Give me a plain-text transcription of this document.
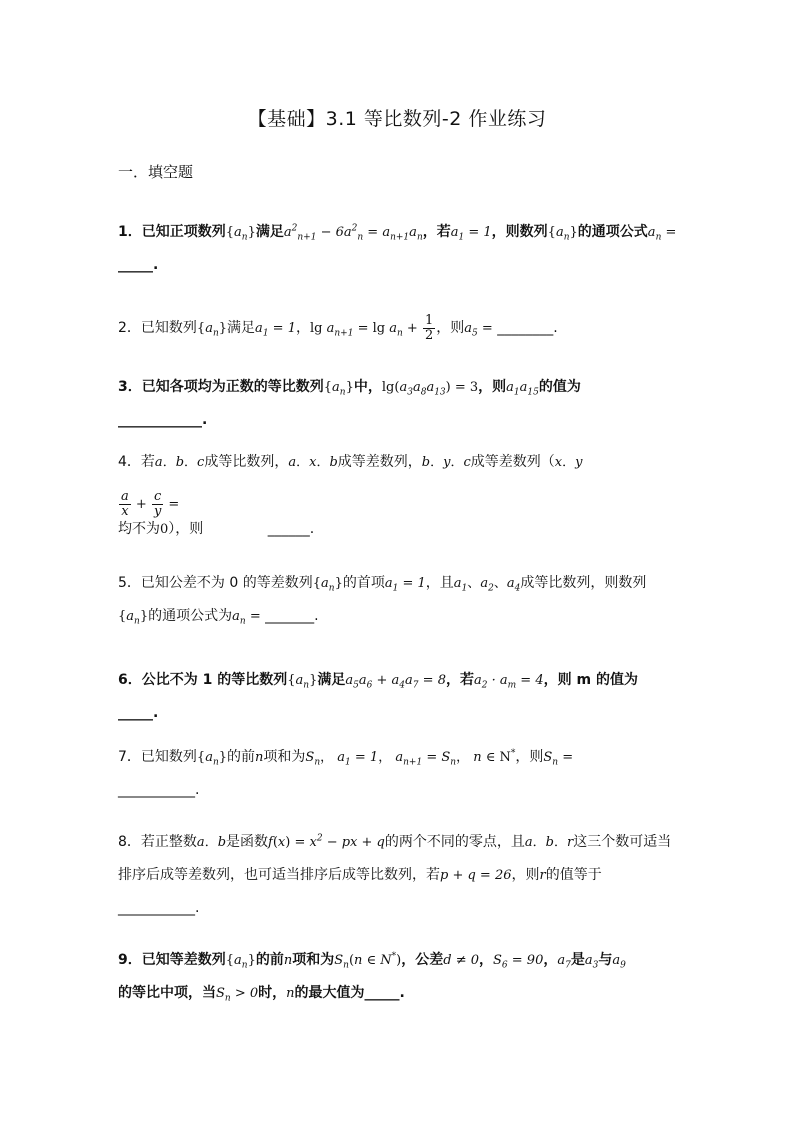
【基础】3.1 等比数列-2 作业练习
一．填空题
1．已知正项数列$\{a_n\}$满足$a^2_{n+1} - 6a^2_n = a_{n+1}a_n$，若$a_1 = 1$，则数列$\{a_n\}$的通项公式$a_n$ =
_____.
2．已知数列$\{a_n\}$满足$a_1 = 1$，$\lg a_{n+1} = \lg a_n + \frac{1}{2}$ ，则$a_5$ = ________.
3．已知各项均为正数的等比数列$\{a_n\}$中，$\lg(a_3a_8a_{13}) = 3$，则$a_1a_{15}$的值为
____________.
4．若a．b．c成等比数列，a．x．b成等差数列，b．y．c成等差数列（x．y
$\frac{a}{x} + \frac{c}{y}$ =
均不为0），则	______.
5．已知公差不为 0 的等差数列$\{a_n\}$的首项$a_1 = 1$，且$a_1$、$a_2$、$a_4$成等比数列，则数列
$\{a_n\}$的通项公式为$a_n$ = _______.
6．公比不为 1 的等比数列$\{a_n\}$满足$a_5a_6 + a_4a_7 = 8$，若$a_2 \cdot a_m = 4$，则 m 的值为
_____.
7．已知数列$\{a_n\}$的前n项和为$S_n$， $a_1 = 1$， $a_{n+1} = S_n$， n ∈ N*，则$S_n$ =
___________.
8．若正整数a．b是函数$f(x) = x^2$ − px + q的两个不同的零点，且a．b．r这三个数可适当排序后成等差数列，也可适当排序后成等比数列，若p + q = 26，则r的值等于___________.
9．已知等差数列$\{a_n\}$的前n项和为$S_n(n$ ∈ N*)，公差d ≠ 0，$S_6 = 90$，$a_7$是$a_3$与$a_9$
的等比中项，当$S_n > 0$时，n的最大值为_____.
